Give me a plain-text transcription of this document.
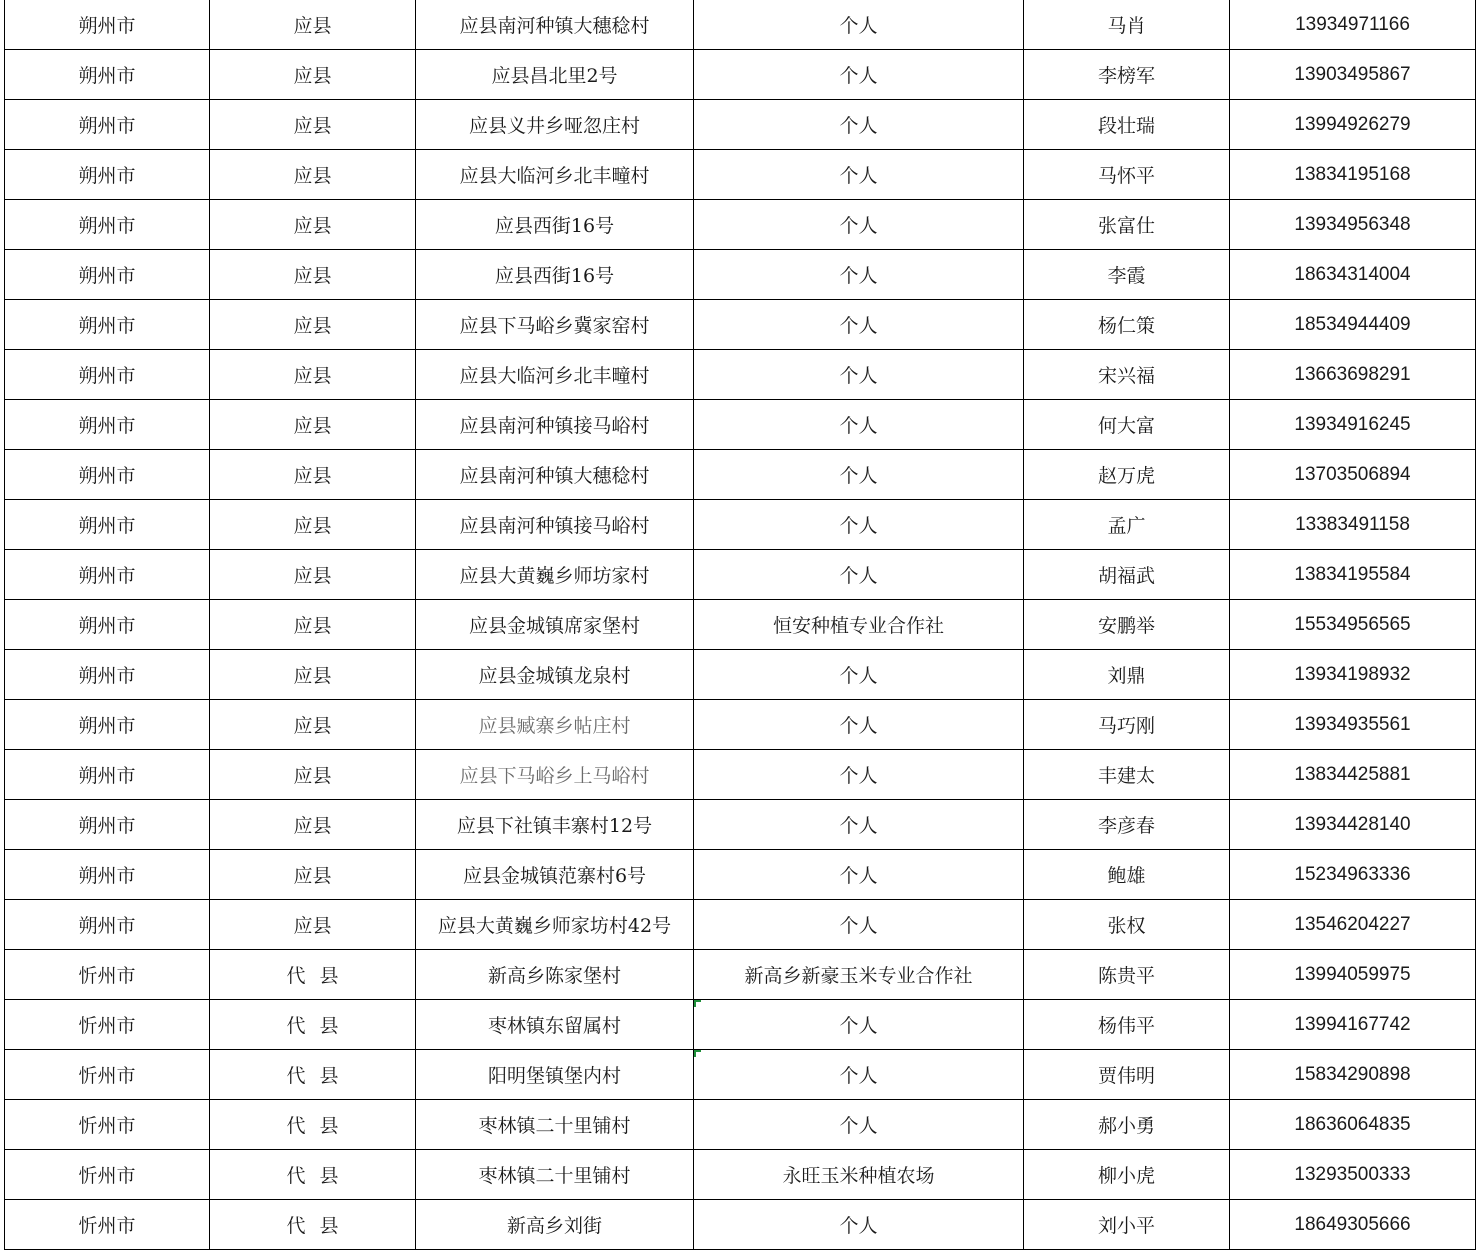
朔州市	应县	应县南河种镇大穗稔村	个人	马肖	13934971166
朔州市	应县	应县昌北里2号	个人	李榜军	13903495867
朔州市	应县	应县义井乡哑忽庄村	个人	段壮瑞	13994926279
朔州市	应县	应县大临河乡北丰疃村	个人	马怀平	13834195168
朔州市	应县	应县西街16号	个人	张富仕	13934956348
朔州市	应县	应县西街16号	个人	李霞	18634314004
朔州市	应县	应县下马峪乡冀家窑村	个人	杨仁策	18534944409
朔州市	应县	应县大临河乡北丰疃村	个人	宋兴福	13663698291
朔州市	应县	应县南河种镇接马峪村	个人	何大富	13934916245
朔州市	应县	应县南河种镇大穗稔村	个人	赵万虎	13703506894
朔州市	应县	应县南河种镇接马峪村	个人	孟广	13383491158
朔州市	应县	应县大黄巍乡师坊家村	个人	胡福武	13834195584
朔州市	应县	应县金城镇席家堡村	恒安种植专业合作社	安鹏举	15534956565
朔州市	应县	应县金城镇龙泉村	个人	刘鼎	13934198932
朔州市	应县	应县臧寨乡帖庄村	个人	马巧刚	13934935561
朔州市	应县	应县下马峪乡上马峪村	个人	丰建太	13834425881
朔州市	应县	应县下社镇丰寨村12号	个人	李彦春	13934428140
朔州市	应县	应县金城镇范寨村6号	个人	鲍雄	15234963336
朔州市	应县	应县大黄巍乡师家坊村42号	个人	张权	13546204227
忻州市	代县	新高乡陈家堡村	新高乡新豪玉米专业合作社	陈贵平	13994059975
忻州市	代县	枣林镇东留属村	个人	杨伟平	13994167742
忻州市	代县	阳明堡镇堡内村	个人	贾伟明	15834290898
忻州市	代县	枣林镇二十里铺村	个人	郝小勇	18636064835
忻州市	代县	枣林镇二十里铺村	永旺玉米种植农场	柳小虎	13293500333
忻州市	代县	新高乡刘街	个人	刘小平	18649305666
